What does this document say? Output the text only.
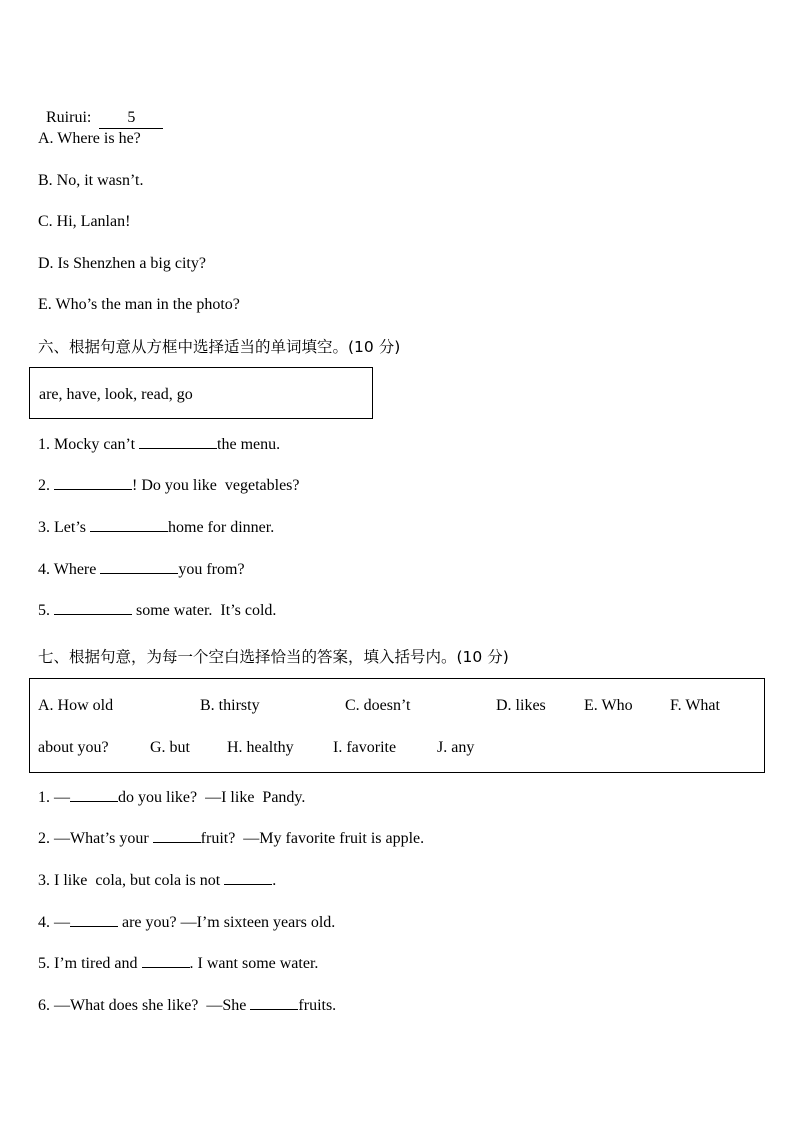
Ruirui: 5

A. Where is he?
B. No, it wasn’t.
C. Hi, Lanlan!
D. Is Shenzhen a big city?
E. Who’s the man in the photo?
六、根据句意从方框中选择适当的单词填空。(10 分)
are, have, look, read, go
1. Mocky can’t	the menu.
2.	! Do you like  vegetables?
3. Let’s	home for dinner.
4. Where	you from?
5.	some water.  It’s cold.
七、根据句意，为每一个空白选择恰当的答案，填入括号内。(10 分)
A. How old	B. thirsty	C. doesn’t	D. likes E. Who F. What
about you?	G. but H. healthy I. favorite	J. any
1. —	do you like?  —I like  Pandy.
2. —What’s your	fruit?  —My favorite fruit is apple.
3. I like  cola, but cola is not	.
4. —	are you? —I’m sixteen years old.
5. I’m tired and	. I want some water.
6. —What does she like?  —She	fruits.
